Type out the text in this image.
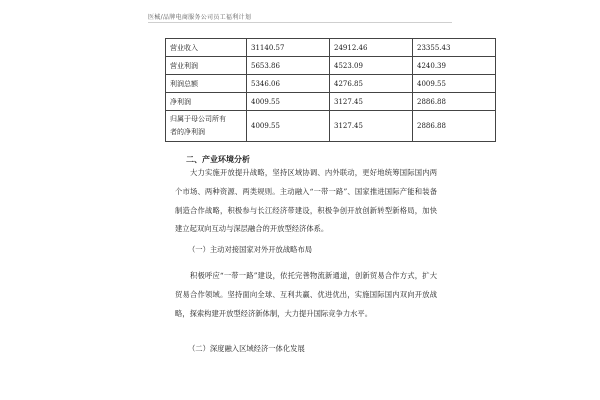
医械/品牌电商服务公司员工福利计划
营业收入	31140.57	24912.46	23355.43
营业利润	5653.86	4523.09	4240.39
利润总额	5346.06	4276.85	4009.55
净利润	4009.55	3127.45	2886.88

归属于母公司所有
者的净利润	4009.55	3127.45	2886.88
二、产业环境分析

大力实施开放提升战略，坚持区域协调、内外联动，更好地统筹国际国内两个市场、两种资源、两类规则。主动融入“一带一路”、国家推进国际产能和装备制造合作战略，积极参与长江经济带建设，积极争创开放创新转型新格局，加快建立起双向互动与深层融合的开放型经济体系。

（一）主动对接国家对外开放战略布局

积极呼应“一带一路”建设，依托完善物流新通道，创新贸易合作方式，扩大贸易合作领域。坚持面向全球、互利共赢、优进优出，实施国际国内双向开放战略，探索构建开放型经济新体制，大力提升国际竞争力水平。

（二）深度融入区域经济一体化发展
